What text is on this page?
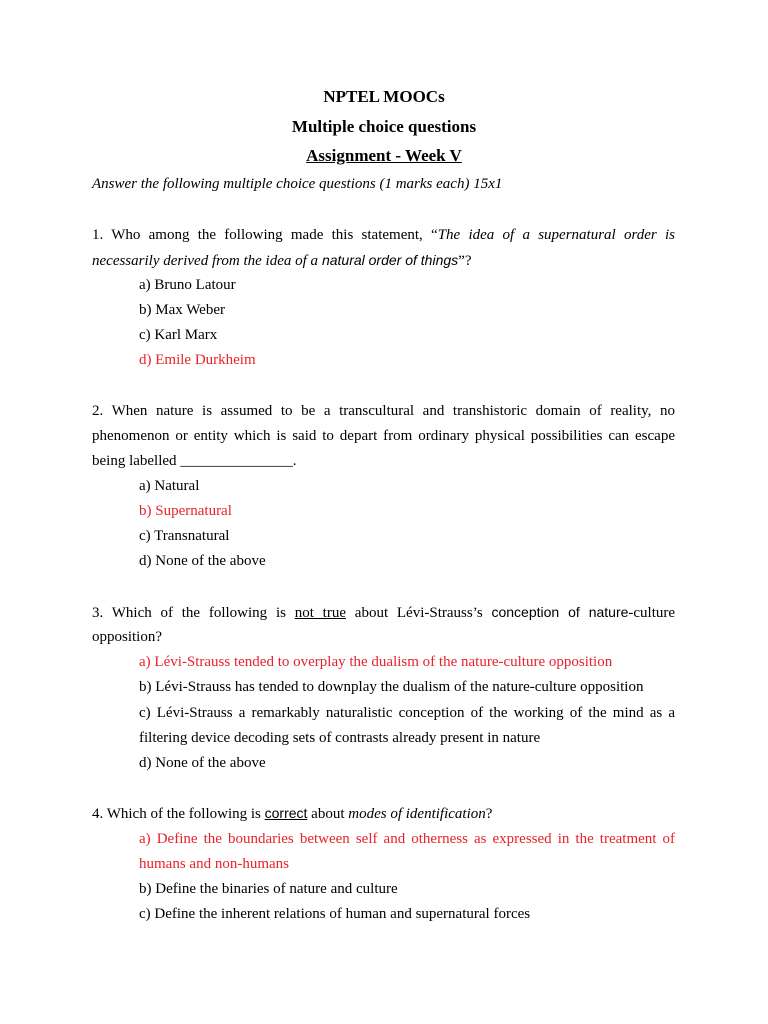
NPTEL MOOCs
Multiple choice questions
Assignment - Week V
Answer the following multiple choice questions (1 marks each) 15x1
1. Who among the following made this statement, “The idea of a supernatural order is
necessarily derived from the idea of a natural order of things”?
a) Bruno Latour
b) Max Weber
c) Karl Marx
d) Emile Durkheim
2. When nature is assumed to be a transcultural and transhistoric domain of reality, no
phenomenon or entity which is said to depart from ordinary physical possibilities can escape
being labelled _______________.
a) Natural
b) Supernatural
c) Transnatural
d) None of the above
3. Which of the following is not true about Lévi-Strauss’s conception of nature-culture
opposition?
a) Lévi-Strauss tended to overplay the dualism of the nature-culture opposition
b) Lévi-Strauss has tended to downplay the dualism of the nature-culture opposition
c) Lévi-Strauss a remarkably naturalistic conception of the working of the mind as a
filtering device decoding sets of contrasts already present in nature
d) None of the above
4. Which of the following is correct about modes of identification?
a) Define the boundaries between self and otherness as expressed in the treatment of
humans and non-humans
b) Define the binaries of nature and culture
c) Define the inherent relations of human and supernatural forces
